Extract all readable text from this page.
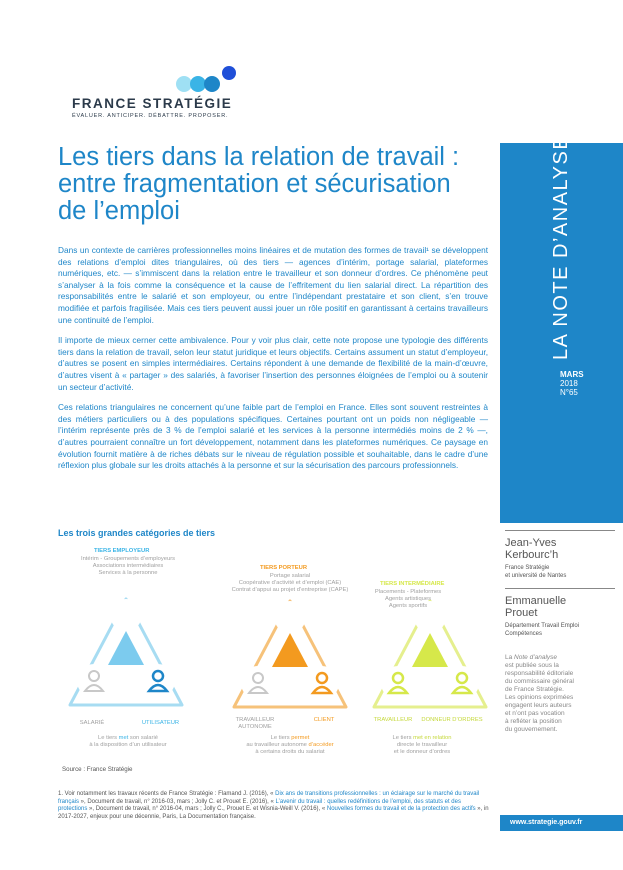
FRANCE STRATÉGIE
ÉVALUER. ANTICIPER. DÉBATTRE. PROPOSER.
Les tiers dans la relation de travail : entre fragmentation et sécurisation de l’emploi	LA NOTE D’ANALYSE
MARS
2018
N°65

Dans un contexte de carrières professionnelles moins linéaires et de mutation des formes de travail¹ se développent des relations d’emploi dites triangulaires, où des tiers — agences d’intérim, portage salarial, plateformes numériques, etc. — s’immiscent dans la relation entre le travailleur et son donneur d’ordres. Ce phénomène peut s’analyser à la fois comme la conséquence et la cause de l’effritement du lien salarial direct. La répartition des responsabilités entre le salarié et son employeur, ou entre l’indépendant prestataire et son client, s’en trouve modifiée et parfois fragilisée. Mais ces tiers peuvent aussi jouer un rôle positif en garantissant à certains travailleurs une continuité de l’emploi.

Il importe de mieux cerner cette ambivalence. Pour y voir plus clair, cette note propose une typologie des différents tiers dans la relation de travail, selon leur statut juridique et leurs objectifs. Certains assument un statut d’employeur, d’autres se posent en simples intermédiaires. Certains répondent à une demande de flexibilité de la main-d’œuvre, d’autres visent à « partager » des salariés, à favoriser l’insertion des personnes éloignées de l’emploi ou à soutenir un secteur d’activité.

Ces relations triangulaires ne concernent qu’une faible part de l’emploi en France. Elles sont souvent restreintes à des métiers particuliers ou à des populations spécifiques. Certaines pourtant ont un poids non négligeable — l’intérim représente près de 3 % de l’emploi salarié et les services à la personne intermédiés moins de 2 % —, d’autres pourraient connaître un fort développement, notamment dans les plateformes numériques. Ce paysage en évolution fournit matière à de riches débats sur le niveau de régulation possible et souhaitable, dans le cadre d’une réflexion plus globale sur les droits attachés à la personne et sur la sécurisation des parcours professionnels.

Les trois grandes catégories de tiers
TIERS EMPLOYEUR
Intérim - Groupements d’employeurs
Associations intermédiaires
Services à la personne
SALARIÉ	UTILISATEUR
Le tiers met son salarié
à la disposition d’un utilisateur
TIERS PORTEUR
Portage salarial
Coopérative d’activité et d’emploi (CAE)
Contrat d’appui au projet d’entreprise (CAPE)
TRAVAILLEUR
AUTONOME
CLIENT
Le tiers permet
au travailleur autonome d’accéder
à certains droits du salariat
TIERS INTERMÉDIAIRE
Placements - Plateformes
Agents artistiques
Agents sportifs
TRAVAILLEUR	DONNEUR D’ORDRES
Le tiers met en relation
directe le travailleur
et le donneur d’ordres
Source : France Stratégie
Jean-Yves
Kerbourc’h
France Stratégie
et université de Nantes
Emmanuelle
Prouet
Département Travail Emploi
Compétences
La Note d’analyse
est publiée sous la
responsabilité éditoriale
du commissaire général
de France Stratégie.
Les opinions exprimées
engagent leurs auteurs
et n’ont pas vocation
à refléter la position
du gouvernement.
1. Voir notamment les travaux récents de France Stratégie : Flamand J. (2016), « Dix ans de transitions professionnelles : un éclairage sur le marché du travail français », Document de travail, n° 2016-03, mars ; Jolly C. et Prouet E. (2016), « L’avenir du travail : quelles redéfinitions de l’emploi, des statuts et des protections », Document de travail, n° 2016-04, mars ; Jolly C., Prouet E. et Wisnia-Weill V. (2016), « Nouvelles formes du travail et de la protection des actifs », in 2017-2027, enjeux pour une décennie, Paris, La Documentation française.
www.strategie.gouv.fr
